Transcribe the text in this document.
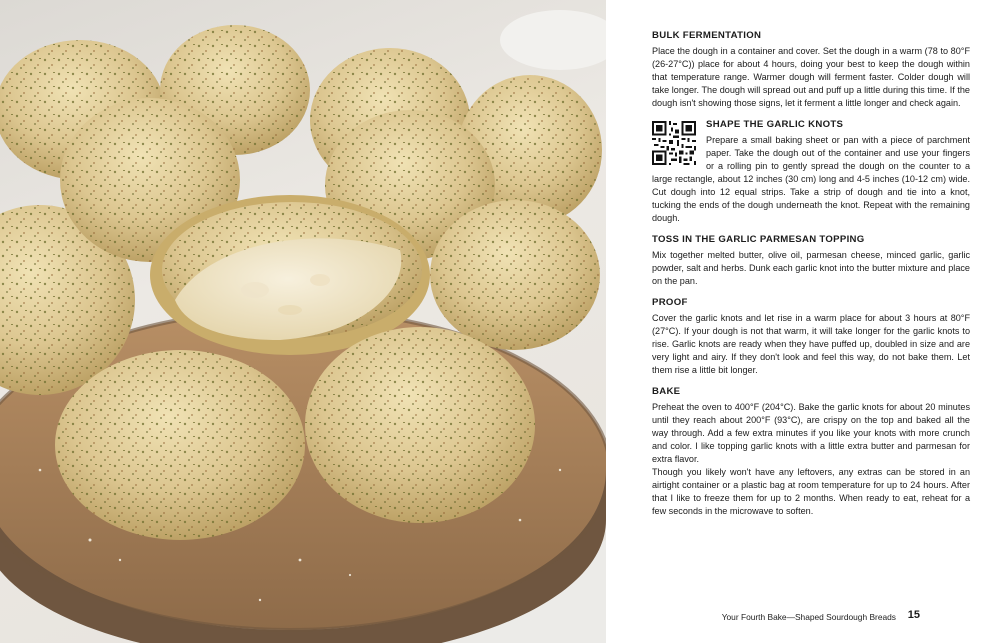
BULK FERMENTATION

Place the dough in a container and cover. Set the dough in a warm (78 to 80°F (26-27°C)) place for about 4 hours, doing your best to keep the dough within that temperature range. Warmer dough will ferment faster. Colder dough will take longer. The dough will spread out and puff up a little during this time. If the dough isn't showing those signs, let it ferment a little longer and check again.

SHAPE THE GARLIC KNOTS

Prepare a small baking sheet or pan with a piece of parchment paper. Take the dough out of the container and use your fingers or a rolling pin to gently spread the dough on the counter to a large rectangle, about 12 inches (30 cm) long and 4-5 inches (10-12 cm) wide. Cut dough into 12 equal strips. Take a strip of dough and tie into a knot, tucking the ends of the dough underneath the knot. Repeat with the remaining dough.

TOSS IN THE GARLIC PARMESAN TOPPING

Mix together melted butter, olive oil, parmesan cheese, minced garlic, garlic powder, salt and herbs. Dunk each garlic knot into the butter mixture and place on the pan.

PROOF

Cover the garlic knots and let rise in a warm place for about 3 hours at 80°F (27°C). If your dough is not that warm, it will take longer for the garlic knots to rise. Garlic knots are ready when they have puffed up, doubled in size and are very light and airy. If they don't look and feel this way, do not bake them. Let them rise a little bit longer.

BAKE

Preheat the oven to 400°F (204°C). Bake the garlic knots for about 20 minutes until they reach about 200°F (93°C), are crispy on the top and baked all the way through. Add a few extra minutes if you like your knots with more crunch and color. I like topping garlic knots with a little extra butter and parmesan for extra flavor.

Though you likely won't have any leftovers, any extras can be stored in an airtight container or a plastic bag at room temperature for up to 24 hours. After that I like to freeze them for up to 2 months. When ready to eat, reheat for a few seconds in the microwave to soften.

Your Fourth Bake—Shaped Sourdough Breads 15
